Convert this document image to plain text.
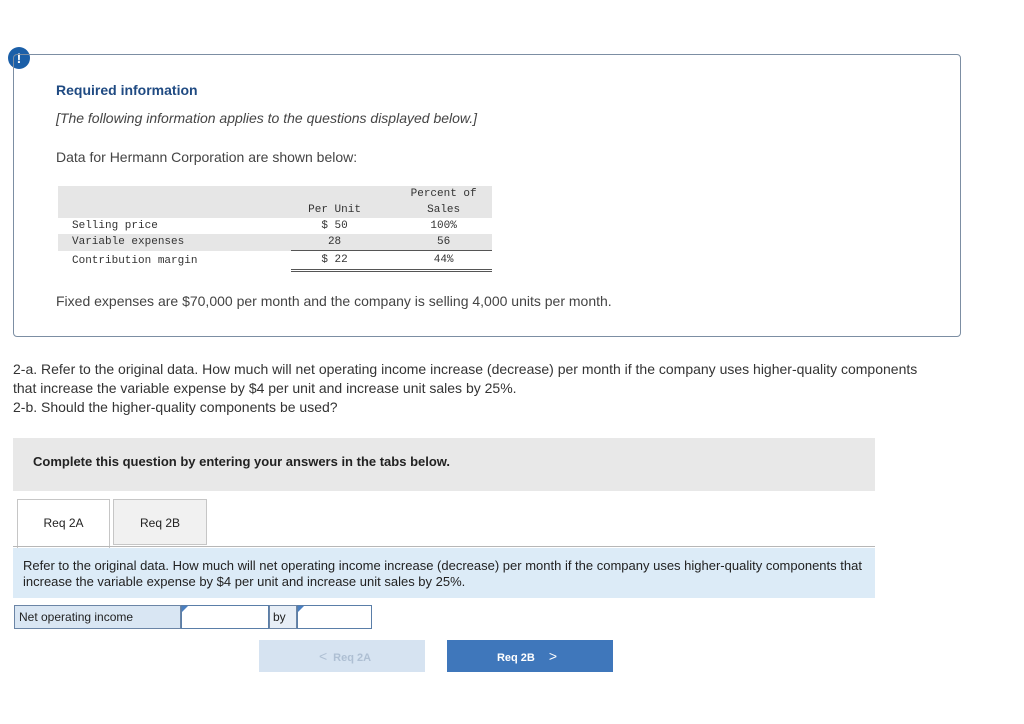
!
Required information
[The following information applies to the questions displayed below.]
Data for Hermann Corporation are shown below:
				Percent of
		Per Unit		Sales
Selling price		$ 50		100%
Variable expenses		28		56
Contribution margin		$ 22		44%
Fixed expenses are $70,000 per month and the company is selling 4,000 units per month.
2-a. Refer to the original data. How much will net operating income increase (decrease) per month if the company uses higher-quality components that increase the variable expense by $4 per unit and increase unit sales by 25%.
2-b. Should the higher-quality components be used?
Complete this question by entering your answers in the tabs below.
Req 2A	Req 2B
Refer to the original data. How much will net operating income increase (decrease) per month if the company uses higher-quality components that increase the variable expense by $4 per unit and increase unit sales by 25%.
Net operating income	by
< Req 2A	Req 2B >
